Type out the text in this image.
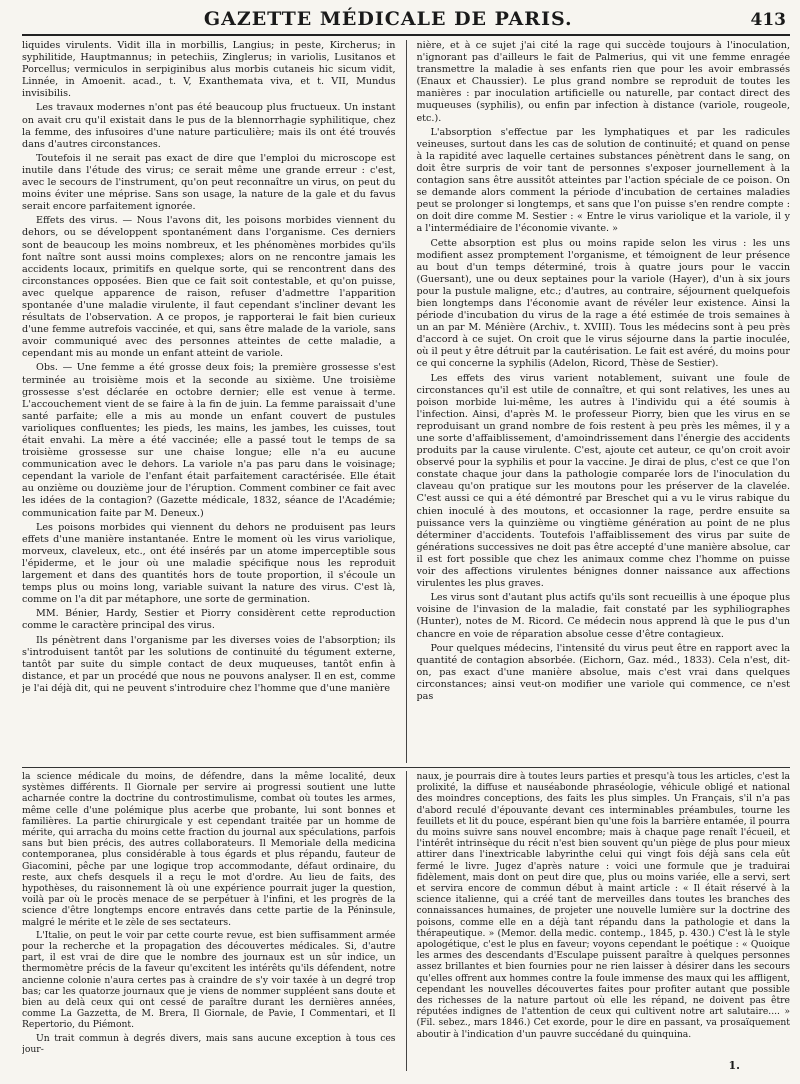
GAZETTE MÉDICALE DE PARIS.	413

liquides virulents. Vidit illa in morbillis, Langius; in peste, Kircherus; in syphilitide, Hauptmannus; in petechiis, Zinglerus; in variolis, Lusitanos et Porcellus; vermiculos in serpiginibus alus morbis cutaneis hic sicum vidit, Linnée, in Amoenit. acad., t. V, Exanthemata viva, et t. VII, Mundus invisibilis.

Les travaux modernes n'ont pas été beaucoup plus fructueux. Un instant on avait cru qu'il existait dans le pus de la blennorrhagie syphilitique, chez la femme, des infusoires d'une nature particulière; mais ils ont été trouvés dans d'autres circonstances.

Toutefois il ne serait pas exact de dire que l'emploi du microscope est inutile dans l'étude des virus; ce serait même une grande erreur : c'est, avec le secours de l'instrument, qu'on peut reconnaître un virus, on peut du moins éviter une méprise. Sans son usage, la nature de la gale et du favus serait encore parfaitement ignorée.

Effets des virus. — Nous l'avons dit, les poisons morbides viennent du dehors, ou se développent spontanément dans l'organisme. Ces derniers sont de beaucoup les moins nombreux, et les phénomènes morbides qu'ils font naître sont aussi moins complexes; alors on ne rencontre jamais les accidents locaux, primitifs en quelque sorte, qui se rencontrent dans des circonstances opposées. Bien que ce fait soit contestable, et qu'on puisse, avec quelque apparence de raison, refuser d'admettre l'apparition spontanée d'une maladie virulente, il faut cependant s'incliner devant les résultats de l'observation. A ce propos, je rapporterai le fait bien curieux d'une femme autrefois vaccinée, et qui, sans être malade de la variole, sans avoir communiqué avec des personnes atteintes de cette maladie, a cependant mis au monde un enfant atteint de variole.

Obs. — Une femme a été grosse deux fois; la première grossesse s'est terminée au troisième mois et la seconde au sixième. Une troisième grossesse s'est déclarée en octobre dernier; elle est venue à terme. L'accouchement vient de se faire à la fin de juin. La femme paraissait d'une santé parfaite; elle a mis au monde un enfant couvert de pustules varioliques confluentes; les pieds, les mains, les jambes, les cuisses, tout était envahi. La mère a été vaccinée; elle a passé tout le temps de sa troisième grossesse sur une chaise longue; elle n'a eu aucune communication avec le dehors. La variole n'a pas paru dans le voisinage; cependant la variole de l'enfant était parfaitement caractérisée. Elle était au onzième ou douzième jour de l'éruption. Comment combiner ce fait avec les idées de la contagion? (Gazette médicale, 1832, séance de l'Académie; communication faite par M. Deneux.)

Les poisons morbides qui viennent du dehors ne produisent pas leurs effets d'une manière instantanée. Entre le moment où les virus variolique, morveux, claveleux, etc., ont été insérés par un atome imperceptible sous l'épiderme, et le jour où une maladie spécifique nous les reproduit largement et dans des quantités hors de toute proportion, il s'écoule un temps plus ou moins long, variable suivant la nature des virus. C'est là, comme on l'a dit par métaphore, une sorte de germination.

MM. Bénier, Hardy, Sestier et Piorry considèrent cette reproduction comme le caractère principal des virus.

Ils pénètrent dans l'organisme par les diverses voies de l'absorption; ils s'introduisent tantôt par les solutions de continuité du tégument externe, tantôt par suite du simple contact de deux muqueuses, tantôt enfin à distance, et par un procédé que nous ne pouvons analyser. Il en est, comme je l'ai déjà dit, qui ne peuvent s'introduire chez l'homme que d'une manière

nière, et à ce sujet j'ai cité la rage qui succède toujours à l'inoculation, n'ignorant pas d'ailleurs le fait de Palmerius, qui vit une femme enragée transmettre la maladie à ses enfants rien que pour les avoir embrassés (Enaux et Chaussier). Le plus grand nombre se reproduit de toutes les manières : par inoculation artificielle ou naturelle, par contact direct des muqueuses (syphilis), ou enfin par infection à distance (variole, rougeole, etc.).

L'absorption s'effectue par les lymphatiques et par les radicules veineuses, surtout dans les cas de solution de continuité; et quand on pense à la rapidité avec laquelle certaines substances pénètrent dans le sang, on doit être surpris de voir tant de personnes s'exposer journellement à la contagion sans être aussitôt atteintes par l'action spéciale de ce poison. On se demande alors comment la période d'incubation de certaines maladies peut se prolonger si longtemps, et sans que l'on puisse s'en rendre compte : on doit dire comme M. Sestier : « Entre le virus variolique et la variole, il y a l'intermédiaire de l'économie vivante. »

Cette absorption est plus ou moins rapide selon les virus : les uns modifient assez promptement l'organisme, et témoignent de leur présence au bout d'un temps déterminé, trois à quatre jours pour le vaccin (Guersant), une ou deux septaines pour la variole (Hayer), d'un à six jours pour la pustule maligne, etc.; d'autres, au contraire, séjournent quelquefois bien longtemps dans l'économie avant de révéler leur existence. Ainsi la période d'incubation du virus de la rage a été estimée de trois semaines à un an par M. Ménière (Archiv., t. XVIII). Tous les médecins sont à peu près d'accord à ce sujet. On croit que le virus séjourne dans la partie inoculée, où il peut y être détruit par la cautérisation. Le fait est avéré, du moins pour ce qui concerne la syphilis (Adelon, Ricord, Thèse de Sestier).

Les effets des virus varient notablement, suivant une foule de circonstances qu'il est utile de connaître, et qui sont relatives, les unes au poison morbide lui-même, les autres à l'individu qui a été soumis à l'infection. Ainsi, d'après M. le professeur Piorry, bien que les virus en se reproduisant un grand nombre de fois restent à peu près les mêmes, il y a une sorte d'affaiblissement, d'amoindrissement dans l'énergie des accidents produits par la cause virulente. C'est, ajoute cet auteur, ce qu'on croit avoir observé pour la syphilis et pour la vaccine. Je dirai de plus, c'est ce que l'on constate chaque jour dans la pathologie comparée lors de l'inoculation du claveau qu'on pratique sur les moutons pour les préserver de la clavelée. C'est aussi ce qui a été démontré par Breschet qui a vu le virus rabique du chien inoculé à des moutons, et occasionner la rage, perdre ensuite sa puissance vers la quinzième ou vingtième génération au point de ne plus déterminer d'accidents. Toutefois l'affaiblissement des virus par suite de générations successives ne doit pas être accepté d'une manière absolue, car il est fort possible que chez les animaux comme chez l'homme on puisse voir des affections virulentes bénignes donner naissance aux affections virulentes les plus graves.

Les virus sont d'autant plus actifs qu'ils sont recueillis à une époque plus voisine de l'invasion de la maladie, fait constaté par les syphiliographes (Hunter), notes de M. Ricord. Ce médecin nous apprend là que le pus d'un chancre en voie de réparation absolue cesse d'être contagieux.

Pour quelques médecins, l'intensité du virus peut être en rapport avec la quantité de contagion absorbée. (Eichorn, Gaz. méd., 1833). Cela n'est, dit-on, pas exact d'une manière absolue, mais c'est vrai dans quelques circonstances; ainsi veut-on modifier une variole qui commence, ce n'est pas

la science médicale du moins, de défendre, dans la même localité, deux systèmes différents. Il Giornale per servire ai progressi soutient une lutte acharnée contre la doctrine du controstimulisme, combat où toutes les armes, même celle d'une polémique plus acerbe que probante, lui sont bonnes et familières. La partie chirurgicale y est cependant traitée par un homme de mérite, qui arracha du moins cette fraction du journal aux spéculations, parfois sans but bien précis, des autres collaborateurs. Il Memoriale della medicina contemporanea, plus considérable à tous égards et plus répandu, fauteur de Giacomini, pêche par une logique trop accommodante, défaut ordinaire, du reste, aux chefs desquels il a reçu le mot d'ordre. Au lieu de faits, des hypothèses, du raisonnement là où une expérience pourrait juger la question, voilà par où le procès menace de se perpétuer à l'infini, et les progrès de la science d'être longtemps encore entravés dans cette partie de la Péninsule, malgré le mérite et le zèle de ses sectateurs.

L'Italie, on peut le voir par cette courte revue, est bien suffisamment armée pour la recherche et la propagation des découvertes médicales. Si, d'autre part, il est vrai de dire que le nombre des journaux est un sûr indice, un thermomètre précis de la faveur qu'excitent les intérêts qu'ils défendent, notre ancienne colonie n'aura certes pas à craindre de s'y voir taxée à un degré trop bas; car les quatorze journaux que je viens de nommer suppléent sans doute et bien au delà ceux qui ont cessé de paraître durant les dernières années, comme La Gazzetta, de M. Brera, Il Giornale, de Pavie, I Commentari, et Il Repertorio, du Piémont.

Un trait commun à degrés divers, mais sans aucune exception à tous ces jour-

naux, je pourrais dire à toutes leurs parties et presqu'à tous les articles, c'est la prolixité, la diffuse et nauséabonde phraséologie, véhicule obligé et national des moindres conceptions, des faits les plus simples. Un Français, s'il n'a pas d'abord reculé d'épouvante devant ces interminables préambules, tourne les feuillets et lit du pouce, espérant bien qu'une fois la barrière entamée, il pourra du moins suivre sans nouvel encombre; mais à chaque page renaît l'écueil, et l'intérêt intrinsèque du récit n'est bien souvent qu'un piège de plus pour mieux attirer dans l'inextricable labyrinthe celui qui vingt fois déjà sans cela eût fermé le livre. Jugez d'après nature : voici une formule que je traduirai fidèlement, mais dont on peut dire que, plus ou moins variée, elle a servi, sert et servira encore de commun début à maint article : « Il était réservé à la science italienne, qui a créé tant de merveilles dans toutes les branches des connaissances humaines, de projeter une nouvelle lumière sur la doctrine des poisons, comme elle en a déjà tant répandu dans la pathologie et dans la thérapeutique. » (Memor. della medic. contemp., 1845, p. 430.) C'est là le style apologétique, c'est le plus en faveur; voyons cependant le poétique : « Quoique les armes des descendants d'Esculape puissent paraître à quelques personnes assez brillantes et bien fournies pour ne rien laisser à désirer dans les secours qu'elles offrent aux hommes contre la foule immense des maux qui les affligent, cependant les nouvelles découvertes faites pour profiter autant que possible des richesses de la nature partout où elle les répand, ne doivent pas être réputées indignes de l'attention de ceux qui cultivent notre art salutaire.... » (Fil. sebez., mars 1846.) Cet exorde, pour le dire en passant, va prosaïquement aboutir à l'indication d'un pauvre succédané du quinquina.

1.
